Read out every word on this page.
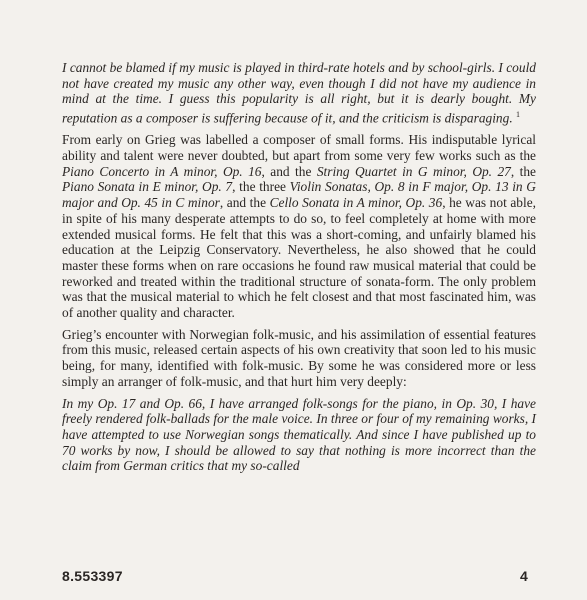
I cannot be blamed if my music is played in third-rate hotels and by school-girls. I could not have created my music any other way, even though I did not have my audience in mind at the time. I guess this popularity is all right, but it is dearly bought. My reputation as a composer is suffering because of it, and the criticism is disparaging. $^1$

From early on Grieg was labelled a composer of small forms. His indisputable lyrical ability and talent were never doubted, but apart from some very few works such as the Piano Concerto in A minor, Op. 16, and the String Quartet in G minor, Op. 27, the Piano Sonata in E minor, Op. 7, the three Violin Sonatas, Op. 8 in F major, Op. 13 in G major and Op. 45 in C minor, and the Cello Sonata in A minor, Op. 36, he was not able, in spite of his many desperate attempts to do so, to feel completely at home with more extended musical forms. He felt that this was a short-coming, and unfairly blamed his education at the Leipzig Conservatory. Nevertheless, he also showed that he could master these forms when on rare occasions he found raw musical material that could be reworked and treated within the traditional structure of sonata-form. The only problem was that the musical material to which he felt closest and that most fascinated him, was of another quality and character.

Grieg’s encounter with Norwegian folk-music, and his assimilation of essential features from this music, released certain aspects of his own creativity that soon led to his music being, for many, identified with folk-music. By some he was considered more or less simply an arranger of folk-music, and that hurt him very deeply:

In my Op. 17 and Op. 66, I have arranged folk-songs for the piano, in Op. 30, I have freely rendered folk-ballads for the male voice. In three or four of my remaining works, I have attempted to use Norwegian songs thematically. And since I have published up to 70 works by now, I should be allowed to say that nothing is more incorrect than the claim from German critics that my so-called

8.553397	4
